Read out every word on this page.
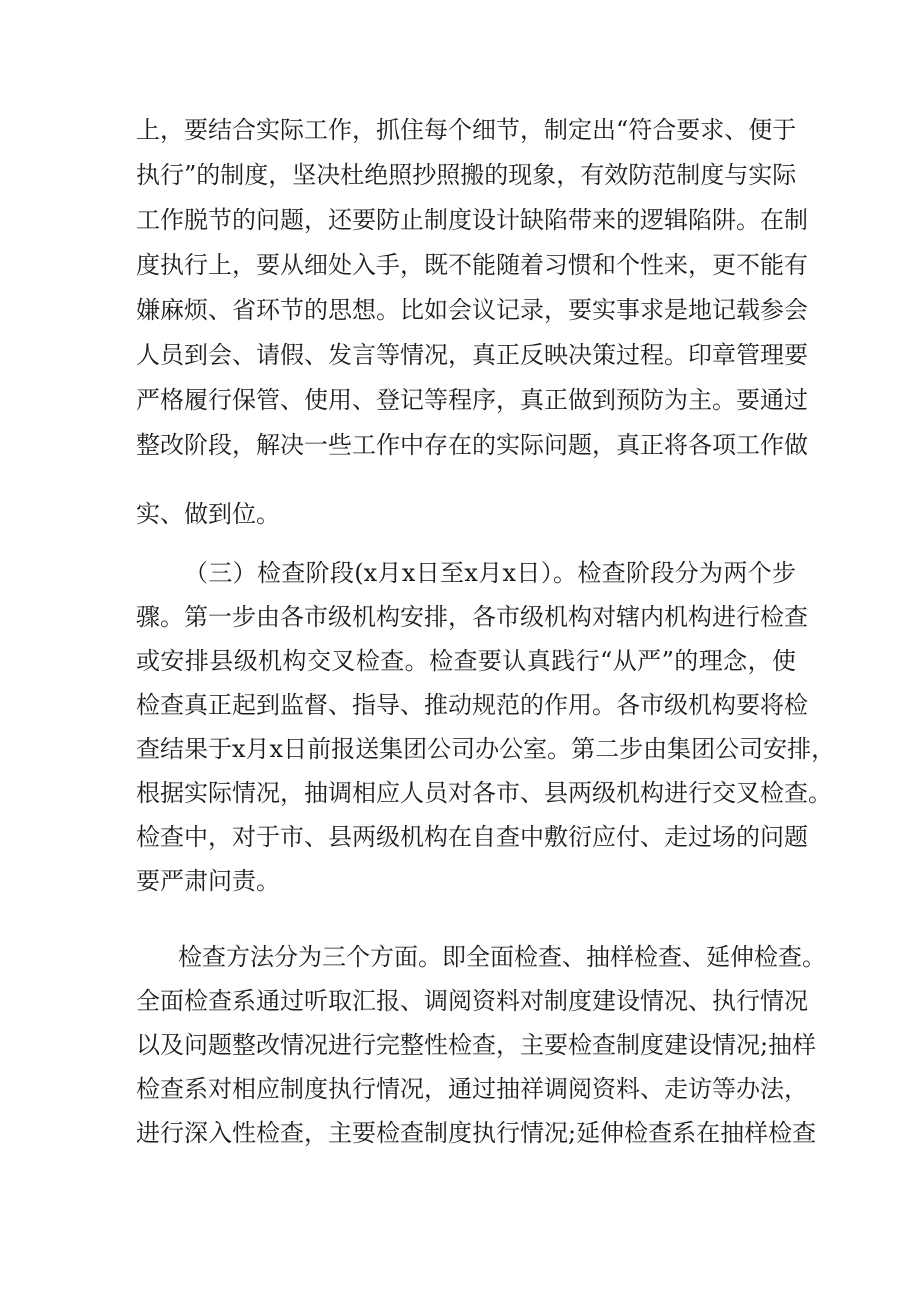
上，要结合实际工作，抓住每个细节，制定出“符合要求、便于
执行”的制度，坚决杜绝照抄照搬的现象，有效防范制度与实际
工作脱节的问题，还要防止制度设计缺陷带来的逻辑陷阱。在制
度执行上，要从细处入手，既不能随着习惯和个性来，更不能有
嫌麻烦、省环节的思想。比如会议记录，要实事求是地记载参会
人员到会、请假、发言等情况，真正反映决策过程。印章管理要
严格履行保管、使用、登记等程序，真正做到预防为主。要通过
整改阶段，解决一些工作中存在的实际问题，真正将各项工作做
实、做到位。
（三）检查阶段(x月x日至x月x日）。检查阶段分为两个步
骤。第一步由各市级机构安排，各市级机构对辖内机构进行检查
或安排县级机构交叉检查。检查要认真践行“从严”的理念，使
检查真正起到监督、指导、推动规范的作用。各市级机构要将检
查结果于x月x日前报送集团公司办公室。第二步由集团公司安排，
根据实际情况，抽调相应人员对各市、县两级机构进行交叉检查。
检查中，对于市、县两级机构在自查中敷衍应付、走过场的问题
要严肃问责。
检查方法分为三个方面。即全面检查、抽样检查、延伸检查。
全面检查系通过听取汇报、调阅资料对制度建设情况、执行情况
以及问题整改情况进行完整性检查，主要检查制度建设情况;抽样
检查系对相应制度执行情况，通过抽祥调阅资料、走访等办法，
进行深入性检查，主要检查制度执行情况;延伸检查系在抽样检查
